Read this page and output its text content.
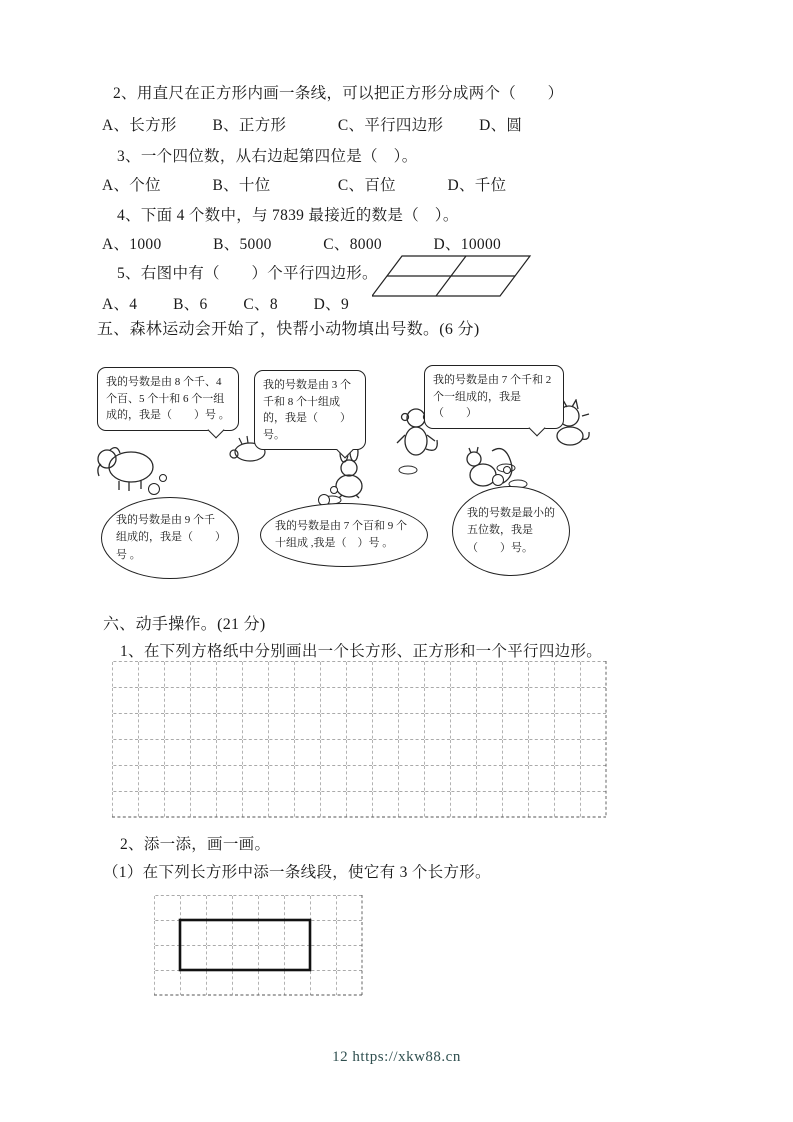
2、用直尺在正方形内画一条线，可以把正方形分成两个（　　）
A、长方形　　 B、正方形　　　 C、平行四边形　　 D、圆
3、一个四位数，从右边起第四位是（　）。
A、个位　　　 B、十位　　　　 C、百位　　　 D、千位
4、下面 4 个数中，与 7839 最接近的数是（　）。
A、1000　　　 B、5000　　　 C、8000　　　 D、10000
5、右图中有（　　）个平行四边形。
A、4　　 B、6　　 C、8　　 D、9
五、森林运动会开始了，快帮小动物填出号数。(6 分)
我的号数是由 8 个千、4 个百、5 个十和 6 个一组成的，我是（　　）号 。
我的号数是由 3 个千和 8 个十组成的，我是（　　）号。
我的号数是由 7 个千和 2 个一组成的，我是（　　）
我的号数是由 9 个千组成的，我是（　　）号 。
我的号数是由 7 个百和 9 个十组成 ,我是（　）号 。
我的号数是最小的五位数，我是（　　）号。
六、动手操作。(21 分)
1、在下列方格纸中分别画出一个长方形、正方形和一个平行四边形。
2、添一添，画一画。
（1）在下列长方形中添一条线段，使它有 3 个长方形。
12 https://xkw88.cn
